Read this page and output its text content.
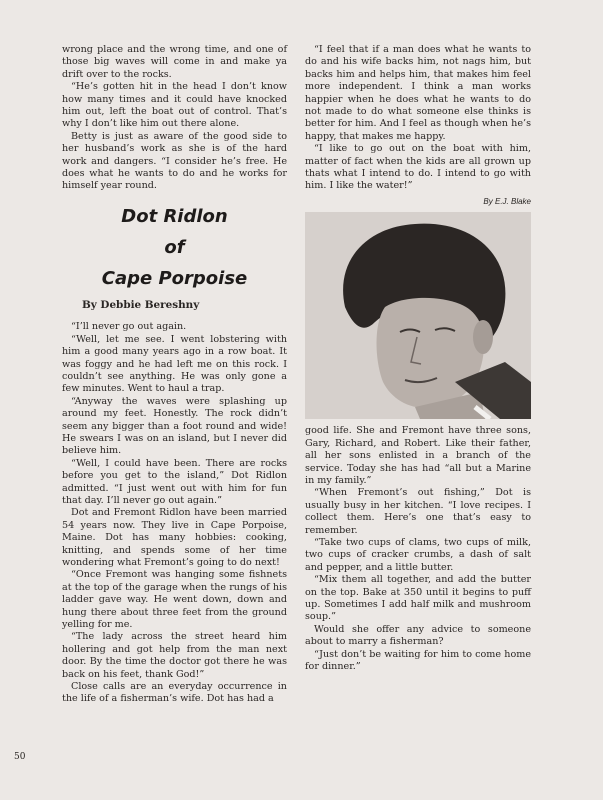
wrong place and the wrong time, and one of those big waves will come in and make ya drift over to the rocks.

“He’s gotten hit in the head I don’t know how many times and it could have knocked him out, left the boat out of control. That’s why I don’t like him out there alone.

Betty is just as aware of the good side to her husband’s work as she is of the hard work and dangers. “I consider he’s free. He does what he wants to do and he works for himself year round.

Dot Ridlon
of
Cape Porpoise
By Debbie Bereshny

“I’ll never go out again.

“Well, let me see. I went lobstering with him a good many years ago in a row boat. It was foggy and he had left me on this rock. I couldn’t see anything. He was only gone a few minutes. Went to haul a trap.

“Anyway the waves were splashing up around my feet. Honestly. The rock didn’t seem any bigger than a foot round and wide! He swears I was on an island, but I never did believe him.

“Well, I could have been. There are rocks before you get to the island,” Dot Ridlon admitted. “I just went out with him for fun that day. I’ll never go out again.”

Dot and Fremont Ridlon have been married 54 years now. They live in Cape Porpoise, Maine. Dot has many hobbies: cooking, knitting, and spends some of her time wondering what Fremont’s going to do next!

“Once Fremont was hanging some fishnets at the top of the garage when the rungs of his ladder gave way. He went down, down and hung there about three feet from the ground yelling for me.

“The lady across the street heard him hollering and got help from the man next door. By the time the doctor got there he was back on his feet, thank God!”

Close calls are an everyday occurrence in the life of a fisherman’s wife. Dot has had a

“I feel that if a man does what he wants to do and his wife backs him, not nags him, but backs him and helps him, that makes him feel more independent. I think a man works happier when he does what he wants to do not made to do what someone else thinks is better for him. And I feel as though when he’s happy, that makes me happy.

“I like to go out on the boat with him, matter of fact when the kids are all grown up thats what I intend to do. I intend to go with him. I like the water!”

By E.J. Blake

good life. She and Fremont have three sons, Gary, Richard, and Robert. Like their father, all her sons enlisted in a branch of the service. Today she has had “all but a Marine in my family.”

“When Fremont’s out fishing,” Dot is usually busy in her kitchen. “I love recipes. I collect them. Here’s one that’s easy to remember.

“Take two cups of clams, two cups of milk, two cups of cracker crumbs, a dash of salt and pepper, and a little butter.

“Mix them all together, and add the butter on the top. Bake at 350 until it begins to puff up. Sometimes I add half milk and mushroom soup.”

Would she offer any advice to someone about to marry a fisherman?

“Just don’t be waiting for him to come home for dinner.”

50
